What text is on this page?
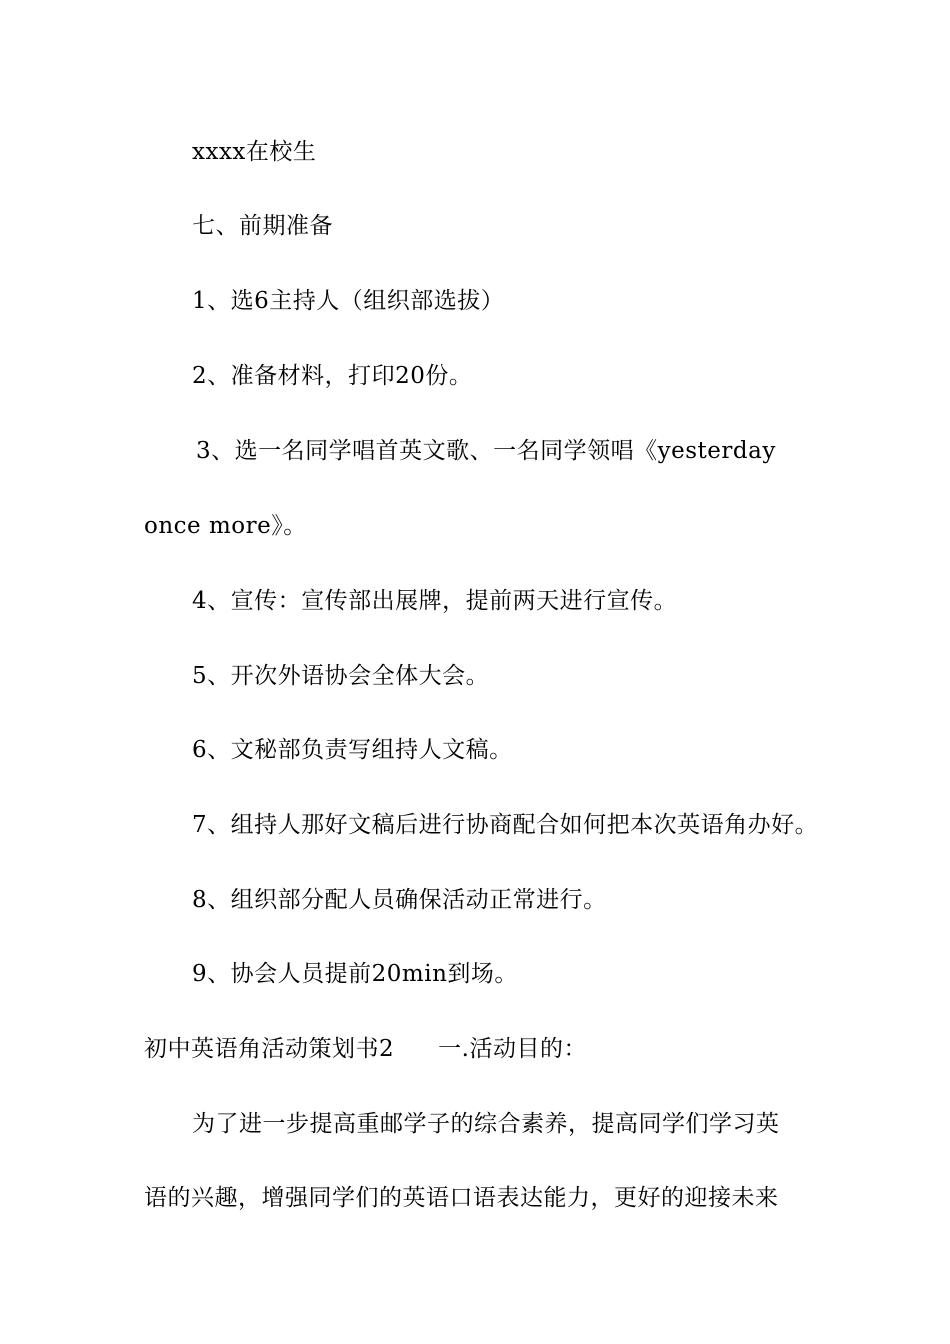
xxxx在校生
七、前期准备
1、选6主持人（组织部选拔）
2、准备材料，打印20份。
3、选一名同学唱首英文歌、一名同学领唱《yesterday
once more》。
4、宣传：宣传部出展牌，提前两天进行宣传。
5、开次外语协会全体大会。
6、文秘部负责写组持人文稿。
7、组持人那好文稿后进行协商配合如何把本次英语角办好。
8、组织部分配人员确保活动正常进行。
9、协会人员提前20min到场。
初中英语角活动策划书2 一.活动目的：
为了进一步提高重邮学子的综合素养，提高同学们学习英
语的兴趣，增强同学们的英语口语表达能力，更好的迎接未来
